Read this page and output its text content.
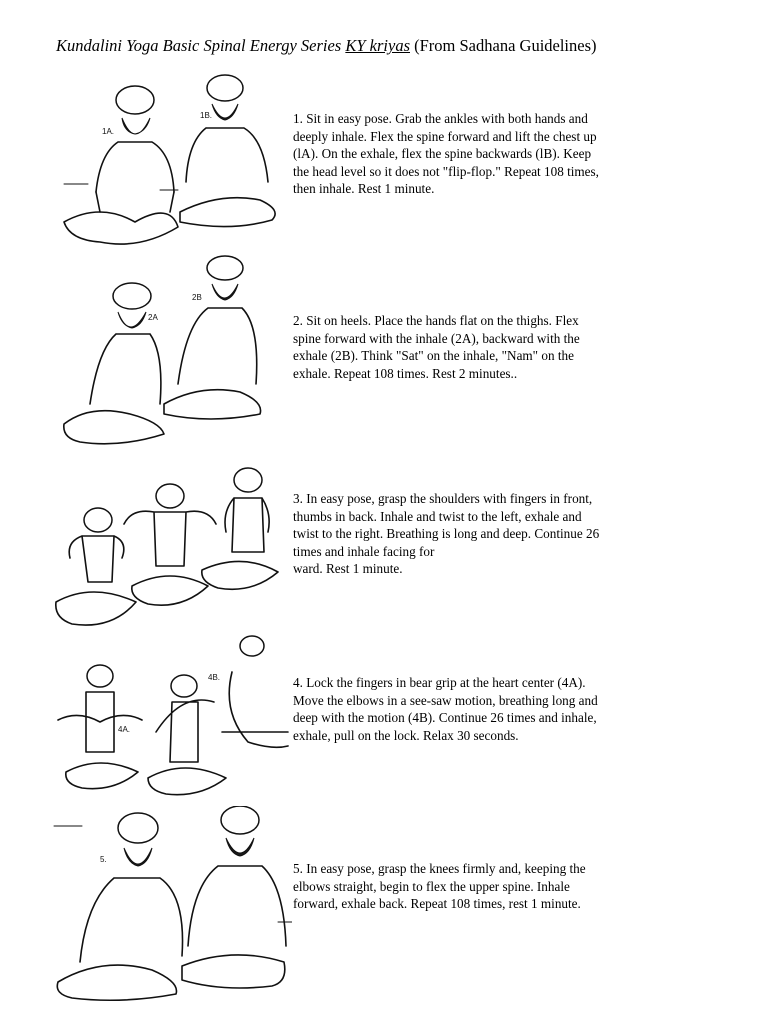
Kundalini Yoga Basic Spinal Energy Series KY kriyas (From Sadhana Guidelines)
1A.
1B.	1. Sit in easy pose. Grab the ankles with both hands and deeply inhale. Flex the spine forward and lift the chest up (lA). On the exhale, flex the spine backwards (lB). Keep the head level so it does not "flip-flop." Repeat 108 times, then inhale. Rest 1 minute.
2A
2B
2. Sit on heels. Place the hands flat on the thighs. Flex spine forward with the inhale (2A), backward with the exhale (2B). Think "Sat" on the inhale, "Nam" on the exhale. Repeat 108 times. Rest 2 minutes..
3. In easy pose, grasp the shoulders with fingers in front, thumbs in back. Inhale and twist to the left, exhale and twist to the right. Breathing is long and deep. Continue 26 times and inhale facing for
ward. Rest 1 minute.
4A.
4B.	4. Lock the fingers in bear grip at the heart center (4A). Move the elbows in a see-saw motion, breathing long and deep with the motion (4B). Continue 26 times and inhale, exhale, pull on the lock. Relax 30 seconds.
5.
5. In easy pose, grasp the knees firmly and, keeping the elbows straight, begin to flex the upper spine. Inhale forward, exhale back. Repeat 108 times, rest 1 minute.
